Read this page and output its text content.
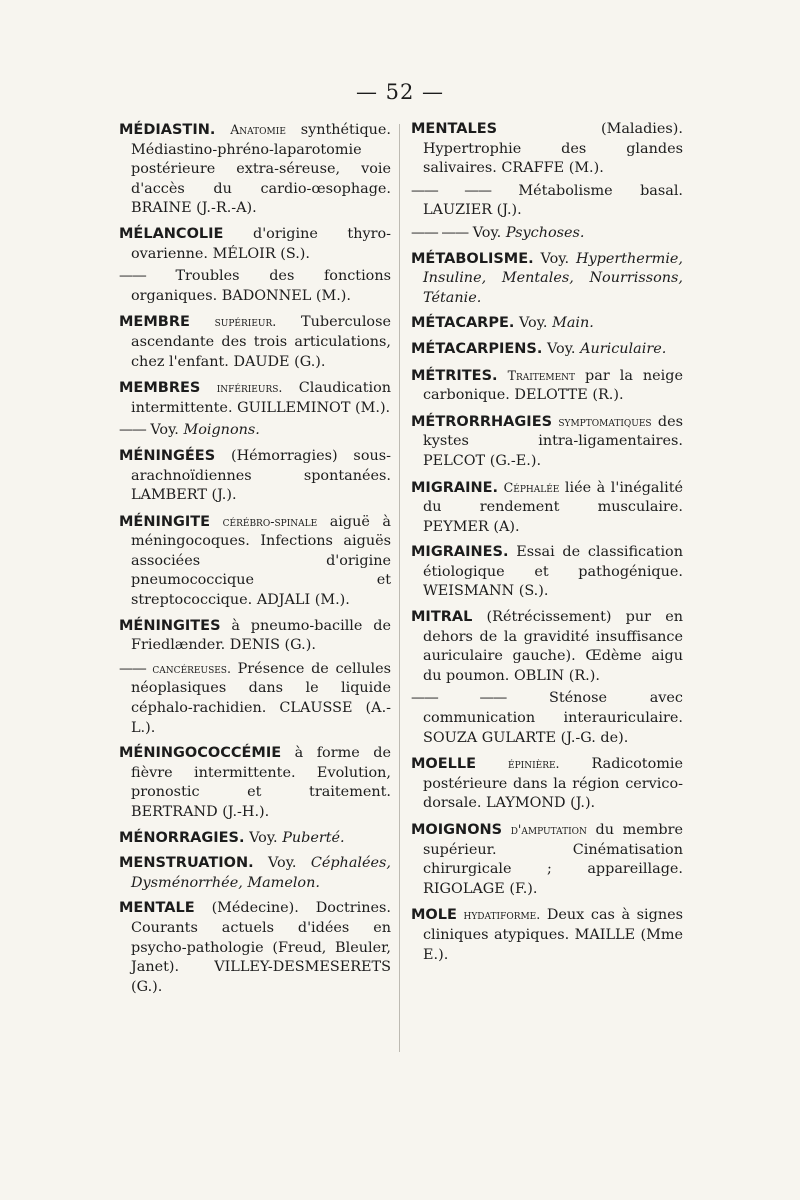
— 52 —

MÉDIASTIN. Anatomie synthétique. Médiastino-phréno-laparotomie postérieure extra-séreuse, voie d'accès du cardio-œsophage. BRAINE (J.-R.-A).

MÉLANCOLIE d'origine thyro-ovarienne. MÉLOIR (S.).

—— Troubles des fonctions organiques. BADONNEL (M.).

MEMBRE supérieur. Tuberculose ascendante des trois articulations, chez l'enfant. DAUDE (G.).

MEMBRES inférieurs. Claudication intermittente. GUILLEMINOT (M.).

—— Voy. Moignons.

MÉNINGÉES (Hémorragies) sous-arachnoïdiennes spontanées. LAMBERT (J.).

MÉNINGITE cérébro-spinale aiguë à méningocoques. Infections aiguës associées d'origine pneumococcique et streptococcique. ADJALI (M.).

MÉNINGITES à pneumo-bacille de Friedlænder. DENIS (G.).

—— cancéreuses. Présence de cellules néoplasiques dans le liquide céphalo-rachidien. CLAUSSE (A.-L.).

MÉNINGOCOCCÉMIE à forme de fièvre intermittente. Evolution, pronostic et traitement. BERTRAND (J.-H.).

MÉNORRAGIES. Voy. Puberté.

MENSTRUATION. Voy. Céphalées, Dysménorrhée, Mamelon.

MENTALE (Médecine). Doctrines. Courants actuels d'idées en psycho-pathologie (Freud, Bleuler, Janet). VILLEY-DESMESERETS (G.).

MENTALES	(Maladies). Hypertrophie des glandes salivaires. CRAFFE (M.).

—— —— Métabolisme basal. LAUZIER (J.).

—— —— Voy. Psychoses.

MÉTABOLISME. Voy. Hyperthermie, Insuline, Mentales, Nourrissons, Tétanie.

MÉTACARPE. Voy. Main.

MÉTACARPIENS. Voy. Auriculaire.

MÉTRITES. Traitement par la neige carbonique. DELOTTE (R.).

MÉTRORRHAGIES symptomatiques des kystes intra-ligamentaires. PELCOT (G.-E.).

MIGRAINE. Céphalée liée à l'inégalité du rendement musculaire. PEYMER (A).

MIGRAINES. Essai de classification étiologique et pathogénique. WEISMANN (S.).

MITRAL (Rétrécissement) pur en dehors de la gravidité insuffisance auriculaire gauche). Œdème aigu du poumon. OBLIN (R.).

—— ——	Sténose avec communication interauriculaire. SOUZA GULARTE (J.-G. de).

MOELLE	épinière. Radicotomie postérieure dans la région cervico-dorsale. LAYMOND (J.).

MOIGNONS d'amputation du membre supérieur. Cinématisation chirurgicale ; appareillage. RIGOLAGE (F.).

MOLE hydatiforme. Deux cas à signes cliniques atypiques. MAILLE (Mme E.).
